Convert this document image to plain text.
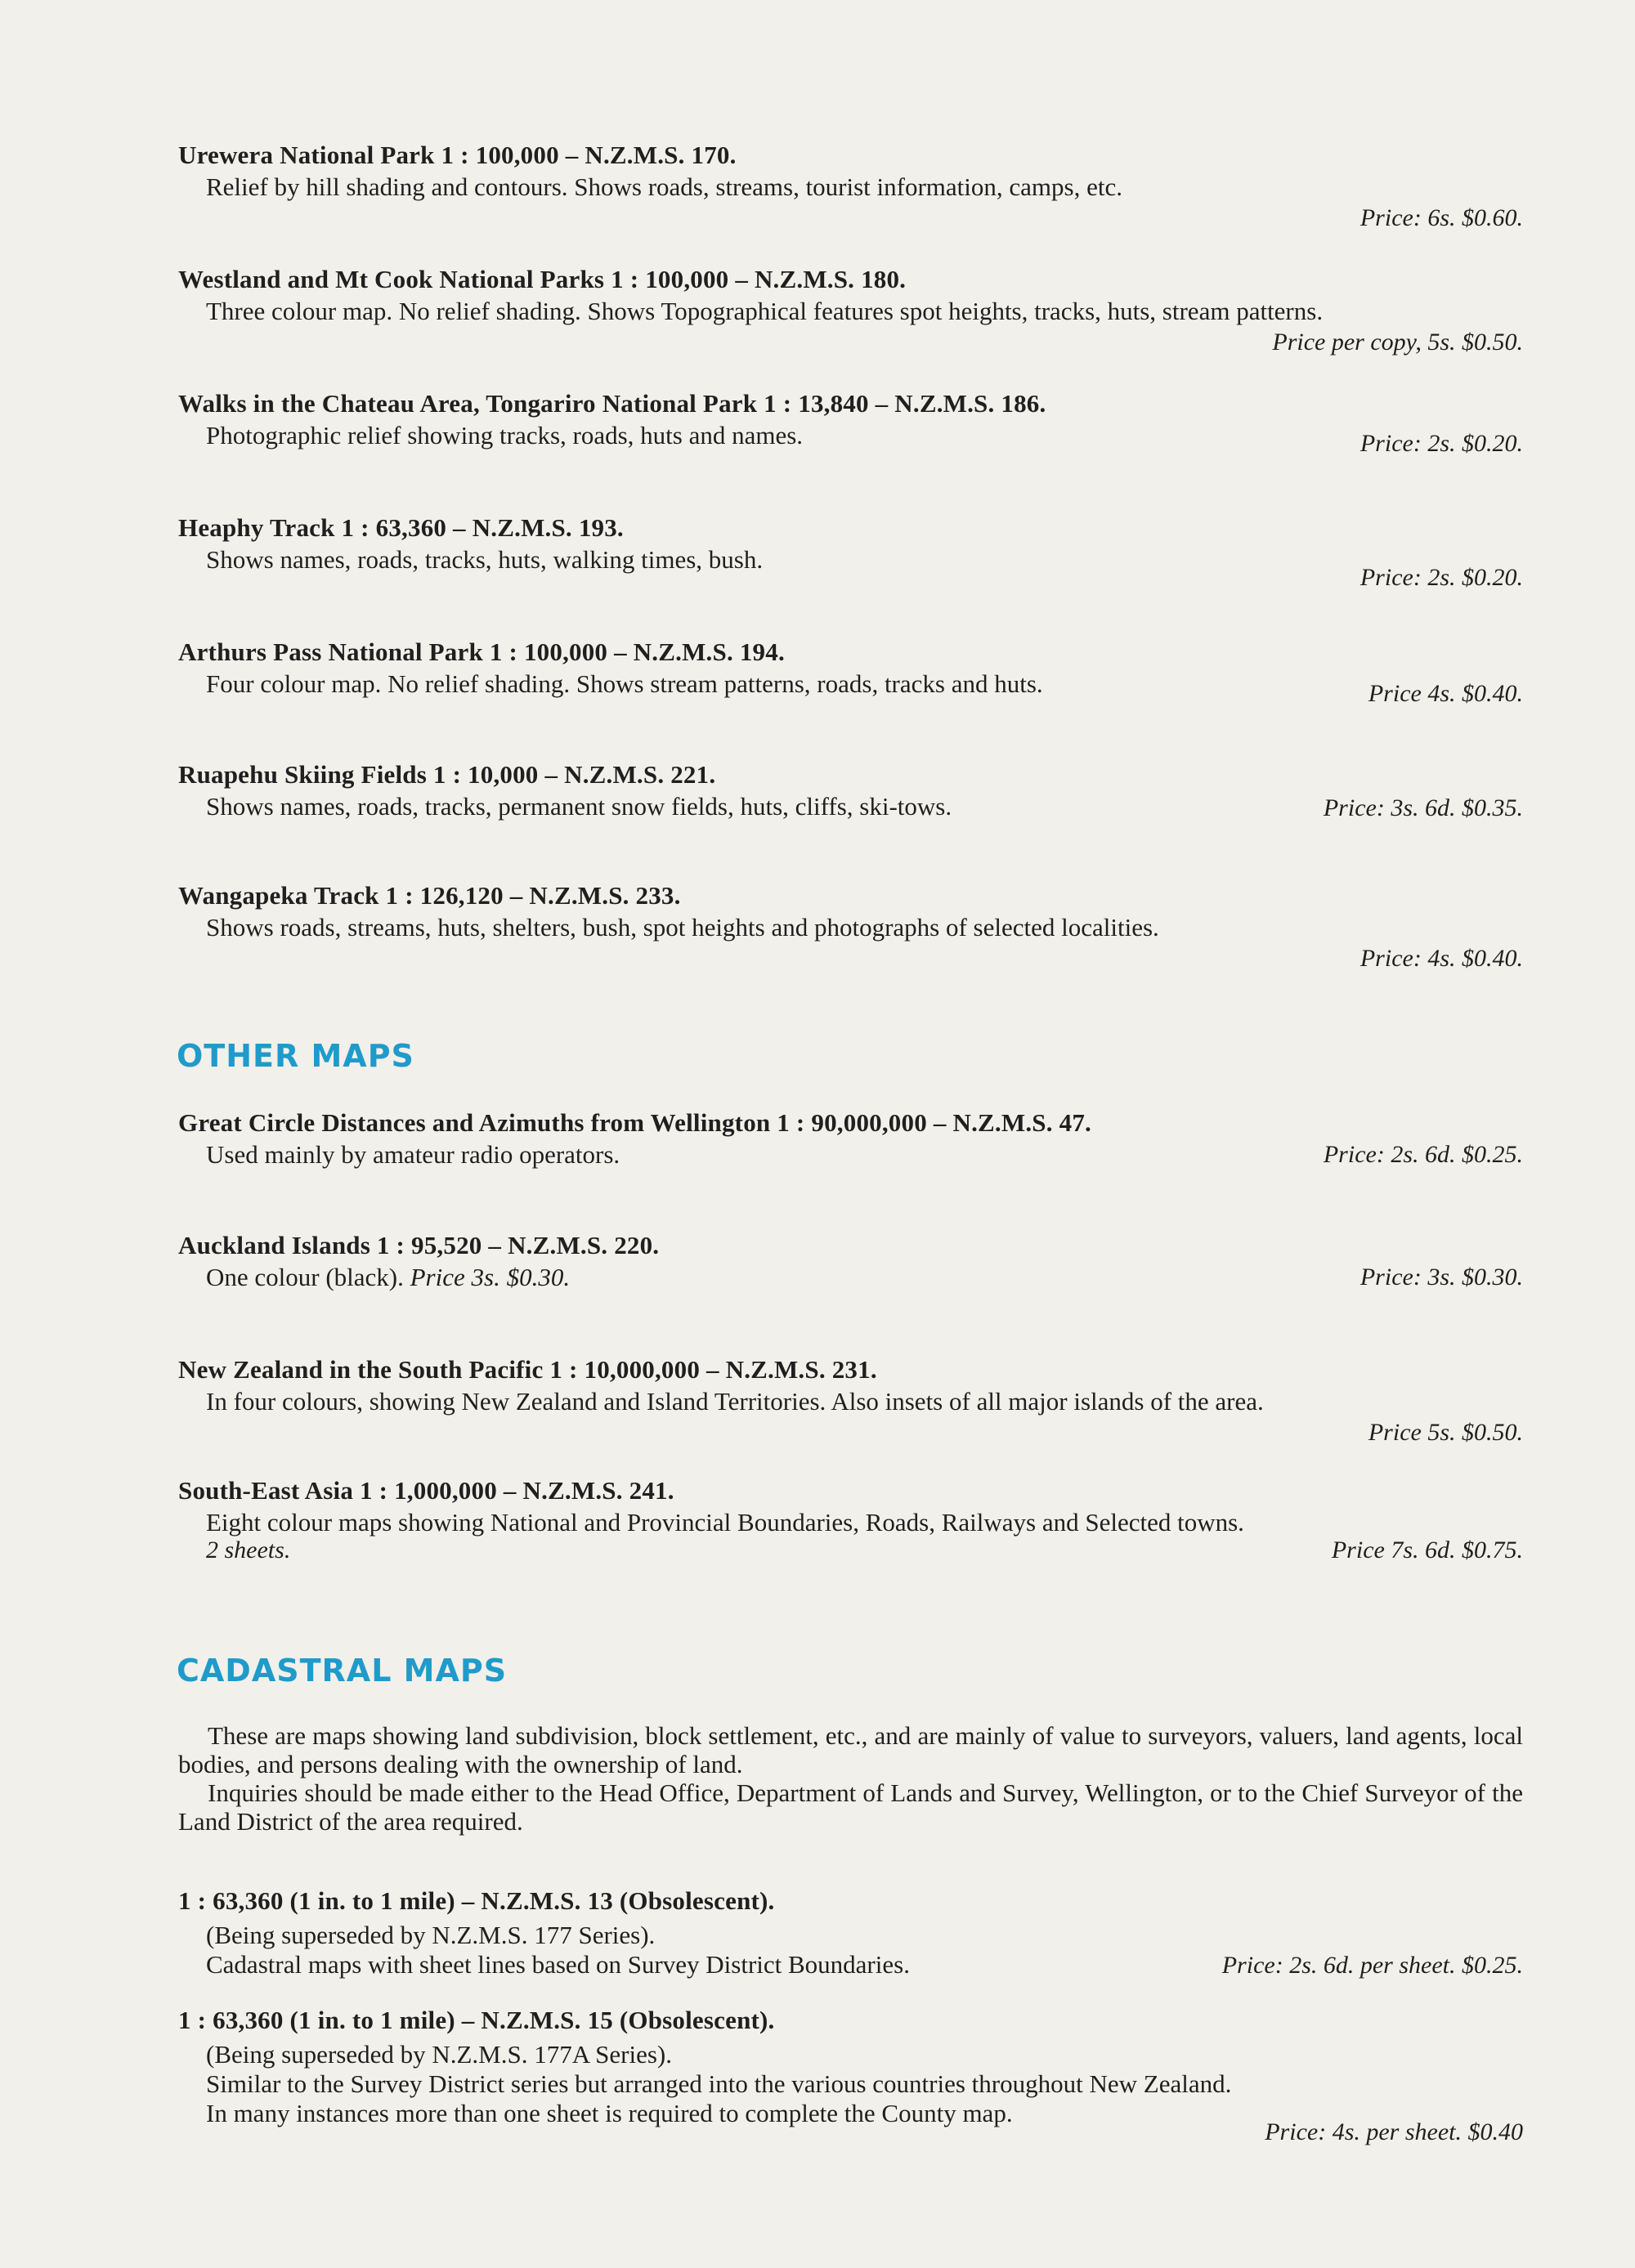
Urewera National Park 1 : 100,000 – N.Z.M.S. 170.
Relief by hill shading and contours. Shows roads, streams, tourist information, camps, etc.
Price: 6s. $0.60.
Westland and Mt Cook National Parks 1 : 100,000 – N.Z.M.S. 180.
Three colour map. No relief shading. Shows Topographical features spot heights, tracks, huts, stream patterns.
Price per copy, 5s. $0.50.
Walks in the Chateau Area, Tongariro National Park 1 : 13,840 – N.Z.M.S. 186.
Photographic relief showing tracks, roads, huts and names.	Price: 2s. $0.20.
Heaphy Track 1 : 63,360 – N.Z.M.S. 193.
Shows names, roads, tracks, huts, walking times, bush.
Price: 2s. $0.20.
Arthurs Pass National Park 1 : 100,000 – N.Z.M.S. 194.
Four colour map. No relief shading. Shows stream patterns, roads, tracks and huts.	Price 4s. $0.40.
Ruapehu Skiing Fields 1 : 10,000 – N.Z.M.S. 221.
Shows names, roads, tracks, permanent snow fields, huts, cliffs, ski-tows.	Price: 3s. 6d. $0.35.
Wangapeka Track 1 : 126,120 – N.Z.M.S. 233.
Shows roads, streams, huts, shelters, bush, spot heights and photographs of selected localities.
Price: 4s. $0.40.
OTHER MAPS
Great Circle Distances and Azimuths from Wellington 1 : 90,000,000 – N.Z.M.S. 47.
Used mainly by amateur radio operators.	Price: 2s. 6d. $0.25.
Auckland Islands 1 : 95,520 – N.Z.M.S. 220.
One colour (black). Price 3s. $0.30.	Price: 3s. $0.30.
New Zealand in the South Pacific 1 : 10,000,000 – N.Z.M.S. 231.
In four colours, showing New Zealand and Island Territories. Also insets of all major islands of the area.
Price 5s. $0.50.
South-East Asia 1 : 1,000,000 – N.Z.M.S. 241.
Eight colour maps showing National and Provincial Boundaries, Roads, Railways and Selected towns.
2 sheets.	Price 7s. 6d. $0.75.
CADASTRAL MAPS

These are maps showing land subdivision, block settlement, etc., and are mainly of value to surveyors, valuers, land agents, local bodies, and persons dealing with the ownership of land.

Inquiries should be made either to the Head Office, Department of Lands and Survey, Wellington, or to the Chief Surveyor of the Land District of the area required.

1 : 63,360 (1 in. to 1 mile) – N.Z.M.S. 13 (Obsolescent).
(Being superseded by N.Z.M.S. 177 Series).
Cadastral maps with sheet lines based on Survey District Boundaries.	Price: 2s. 6d. per sheet. $0.25.
1 : 63,360 (1 in. to 1 mile) – N.Z.M.S. 15 (Obsolescent).
(Being superseded by N.Z.M.S. 177A Series).
Similar to the Survey District series but arranged into the various countries throughout New Zealand.
In many instances more than one sheet is required to complete the County map.
Price: 4s. per sheet. $0.40
